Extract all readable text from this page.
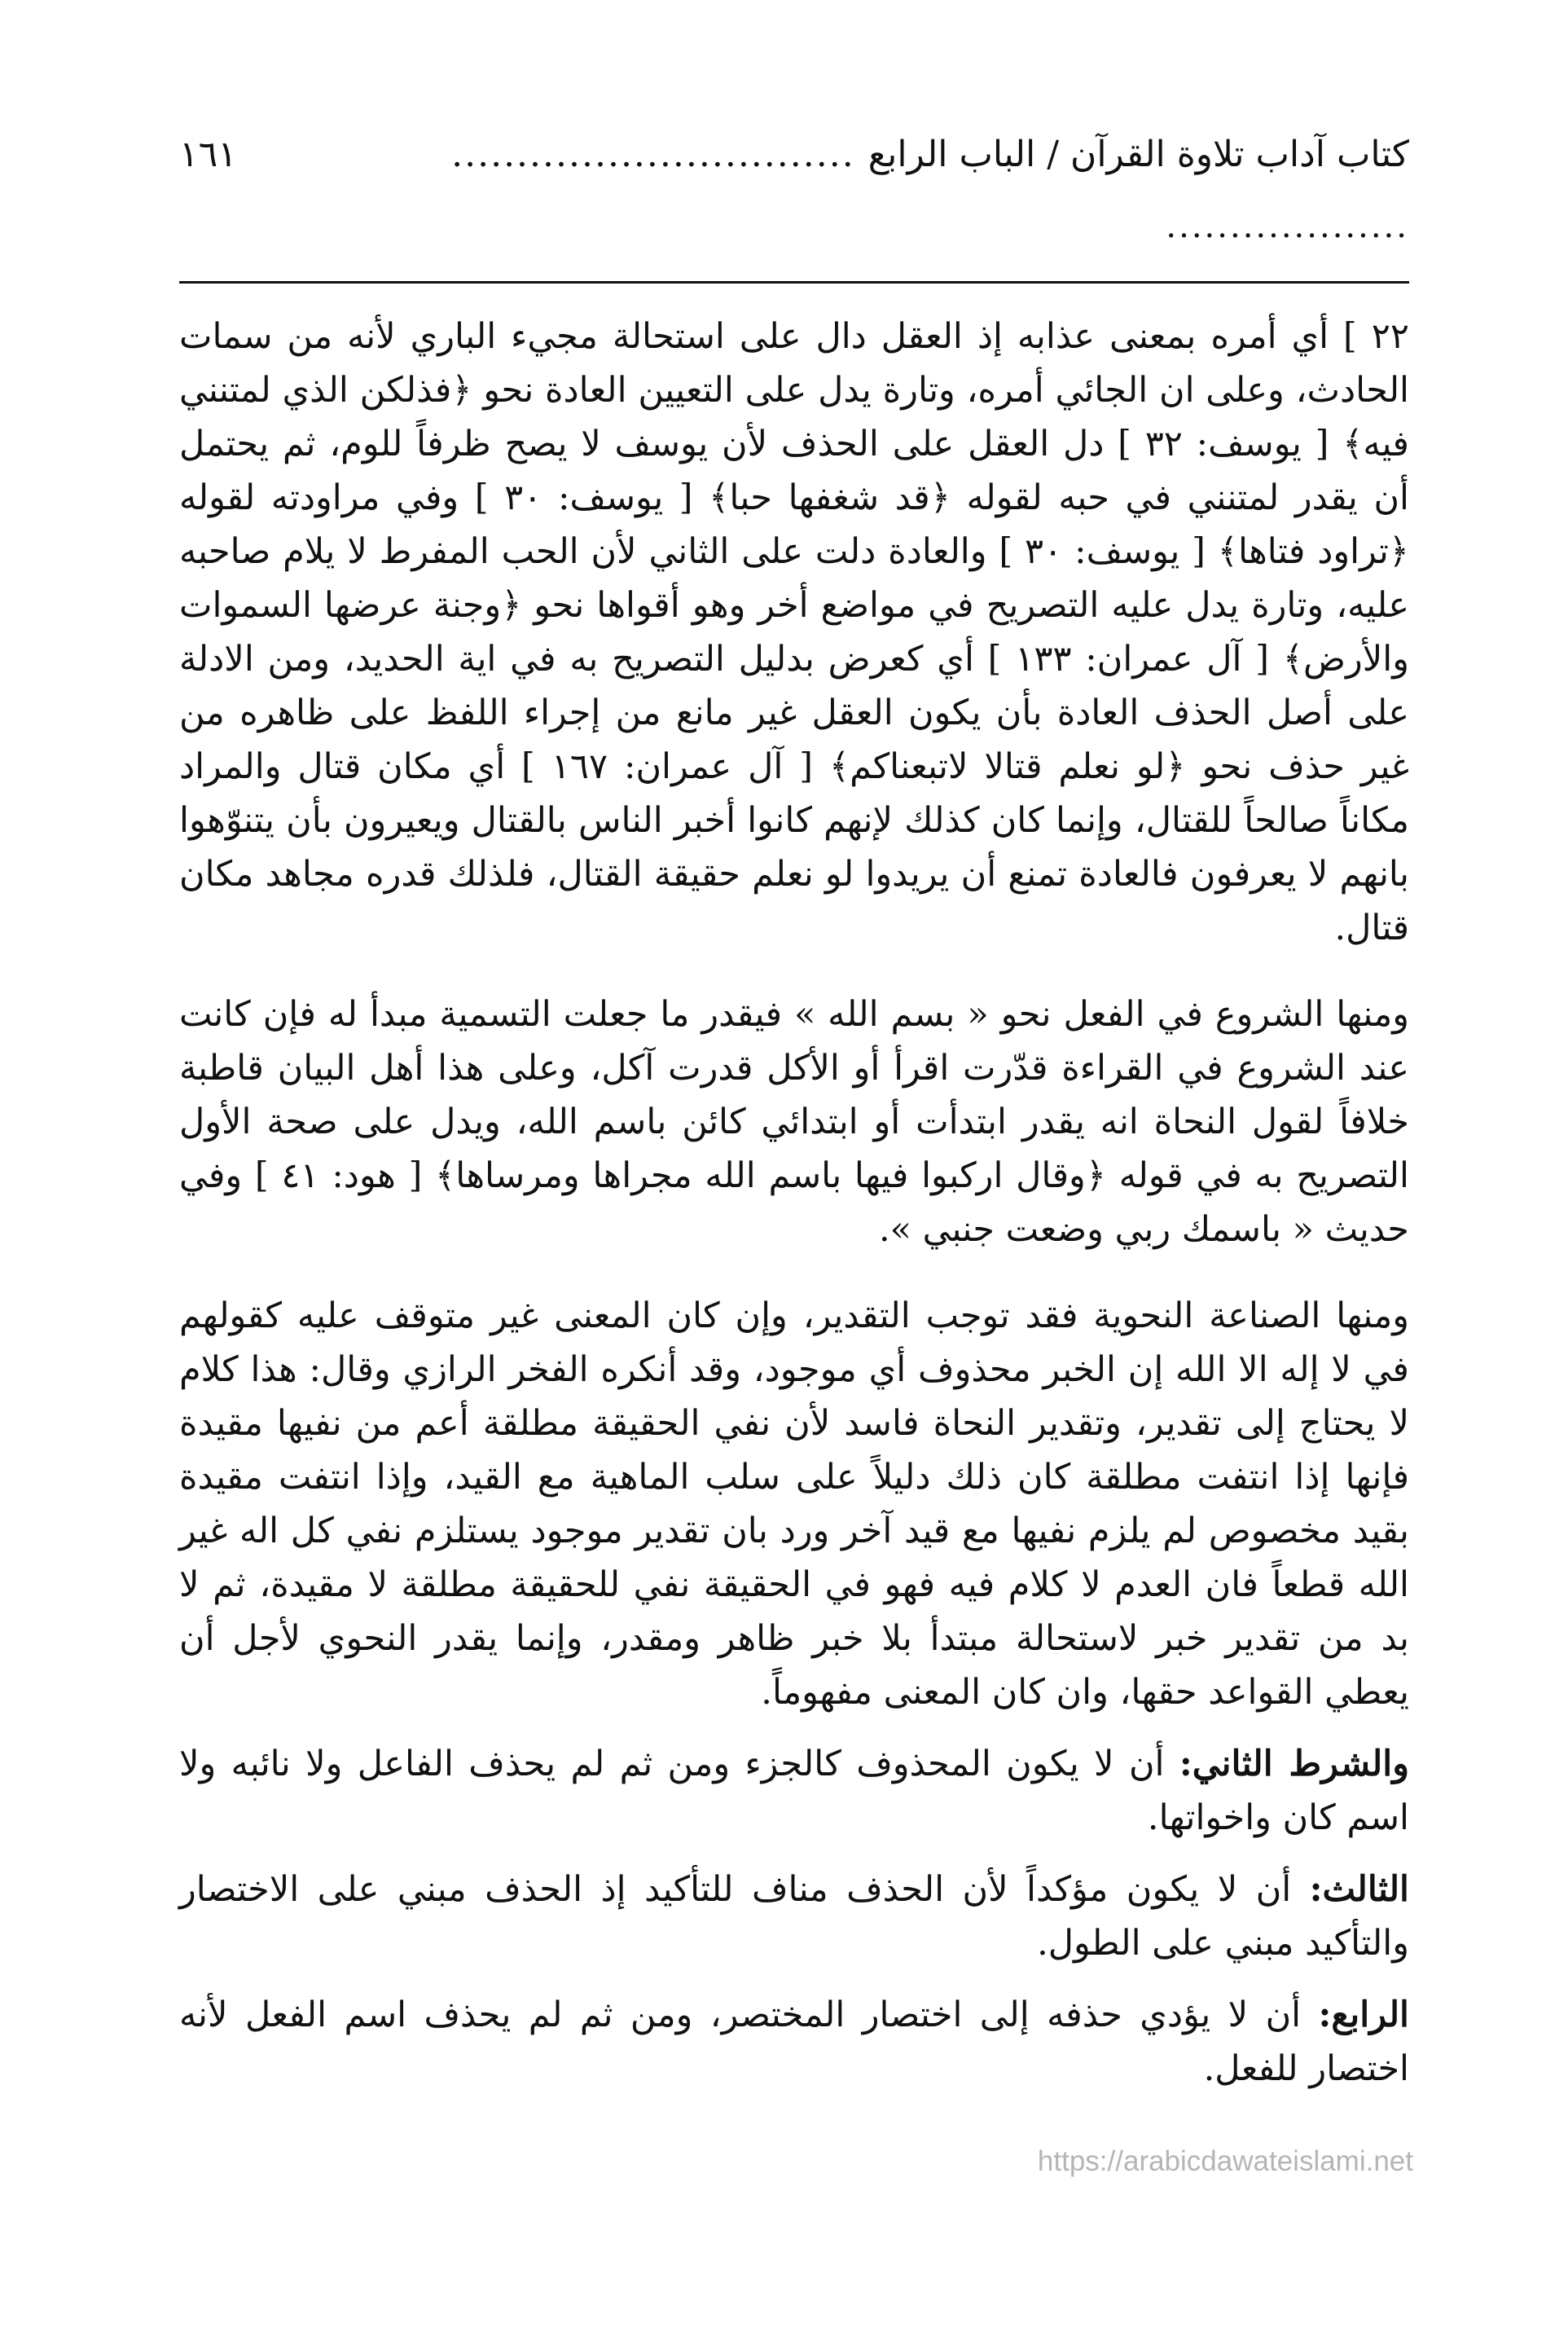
كتاب آداب تلاوة القرآن / الباب الرابع
...............................
١٦١
...................

٢٢ ] أي أمره بمعنى عذابه إذ العقل دال على استحالة مجيء الباري لأنه من سمات الحادث، وعلى ان الجائي أمره، وتارة يدل على التعيين العادة نحو ﴿فذلكن الذي لمتنني فيه﴾ [ يوسف: ٣٢ ] دل العقل على الحذف لأن يوسف لا يصح ظرفاً للوم، ثم يحتمل أن يقدر لمتنني في حبه لقوله ﴿قد شغفها حبا﴾ [ يوسف: ٣٠ ] وفي مراودته لقوله ﴿تراود فتاها﴾ [ يوسف: ٣٠ ] والعادة دلت على الثاني لأن الحب المفرط لا يلام صاحبه عليه، وتارة يدل عليه التصريح في مواضع أخر وهو أقواها نحو ﴿وجنة عرضها السموات والأرض﴾ [ آل عمران: ١٣٣ ] أي كعرض بدليل التصريح به في اية الحديد، ومن الادلة على أصل الحذف العادة بأن يكون العقل غير مانع من إجراء اللفظ على ظاهره من غير حذف نحو ﴿لو نعلم قتالا لاتبعناكم﴾ [ آل عمران: ١٦٧ ] أي مكان قتال والمراد مكاناً صالحاً للقتال، وإنما كان كذلك لإنهم كانوا أخبر الناس بالقتال ويعيرون بأن يتنوّهوا بانهم لا يعرفون فالعادة تمنع أن يريدوا لو نعلم حقيقة القتال، فلذلك قدره مجاهد مكان قتال.

ومنها الشروع في الفعل نحو « بسم الله » فيقدر ما جعلت التسمية مبدأ له فإن كانت عند الشروع في القراءة قدّرت اقرأ أو الأكل قدرت آكل، وعلى هذا أهل البيان قاطبة خلافاً لقول النحاة انه يقدر ابتدأت أو ابتدائي كائن باسم الله، ويدل على صحة الأول التصريح به في قوله ﴿وقال اركبوا فيها باسم الله مجراها ومرساها﴾ [ هود: ٤١ ] وفي حديث « باسمك ربي وضعت جنبي ».

ومنها الصناعة النحوية فقد توجب التقدير، وإن كان المعنى غير متوقف عليه كقولهم في لا إله الا الله إن الخبر محذوف أي موجود، وقد أنكره الفخر الرازي وقال: هذا كلام لا يحتاج إلى تقدير، وتقدير النحاة فاسد لأن نفي الحقيقة مطلقة أعم من نفيها مقيدة فإنها إذا انتفت مطلقة كان ذلك دليلاً على سلب الماهية مع القيد، وإذا انتفت مقيدة بقيد مخصوص لم يلزم نفيها مع قيد آخر ورد بان تقدير موجود يستلزم نفي كل اله غير الله قطعاً فان العدم لا كلام فيه فهو في الحقيقة نفي للحقيقة مطلقة لا مقيدة، ثم لا بد من تقدير خبر لاستحالة مبتدأ بلا خبر ظاهر ومقدر، وإنما يقدر النحوي لأجل أن يعطي القواعد حقها، وان كان المعنى مفهوماً.

والشرط الثاني: أن لا يكون المحذوف كالجزء ومن ثم لم يحذف الفاعل ولا نائبه ولا اسم كان واخواتها.

الثالث: أن لا يكون مؤكداً لأن الحذف مناف للتأكيد إذ الحذف مبني على الاختصار والتأكيد مبني على الطول.

الرابع: أن لا يؤدي حذفه إلى اختصار المختصر، ومن ثم لم يحذف اسم الفعل لأنه اختصار للفعل.

https://arabicdawateislami.net
